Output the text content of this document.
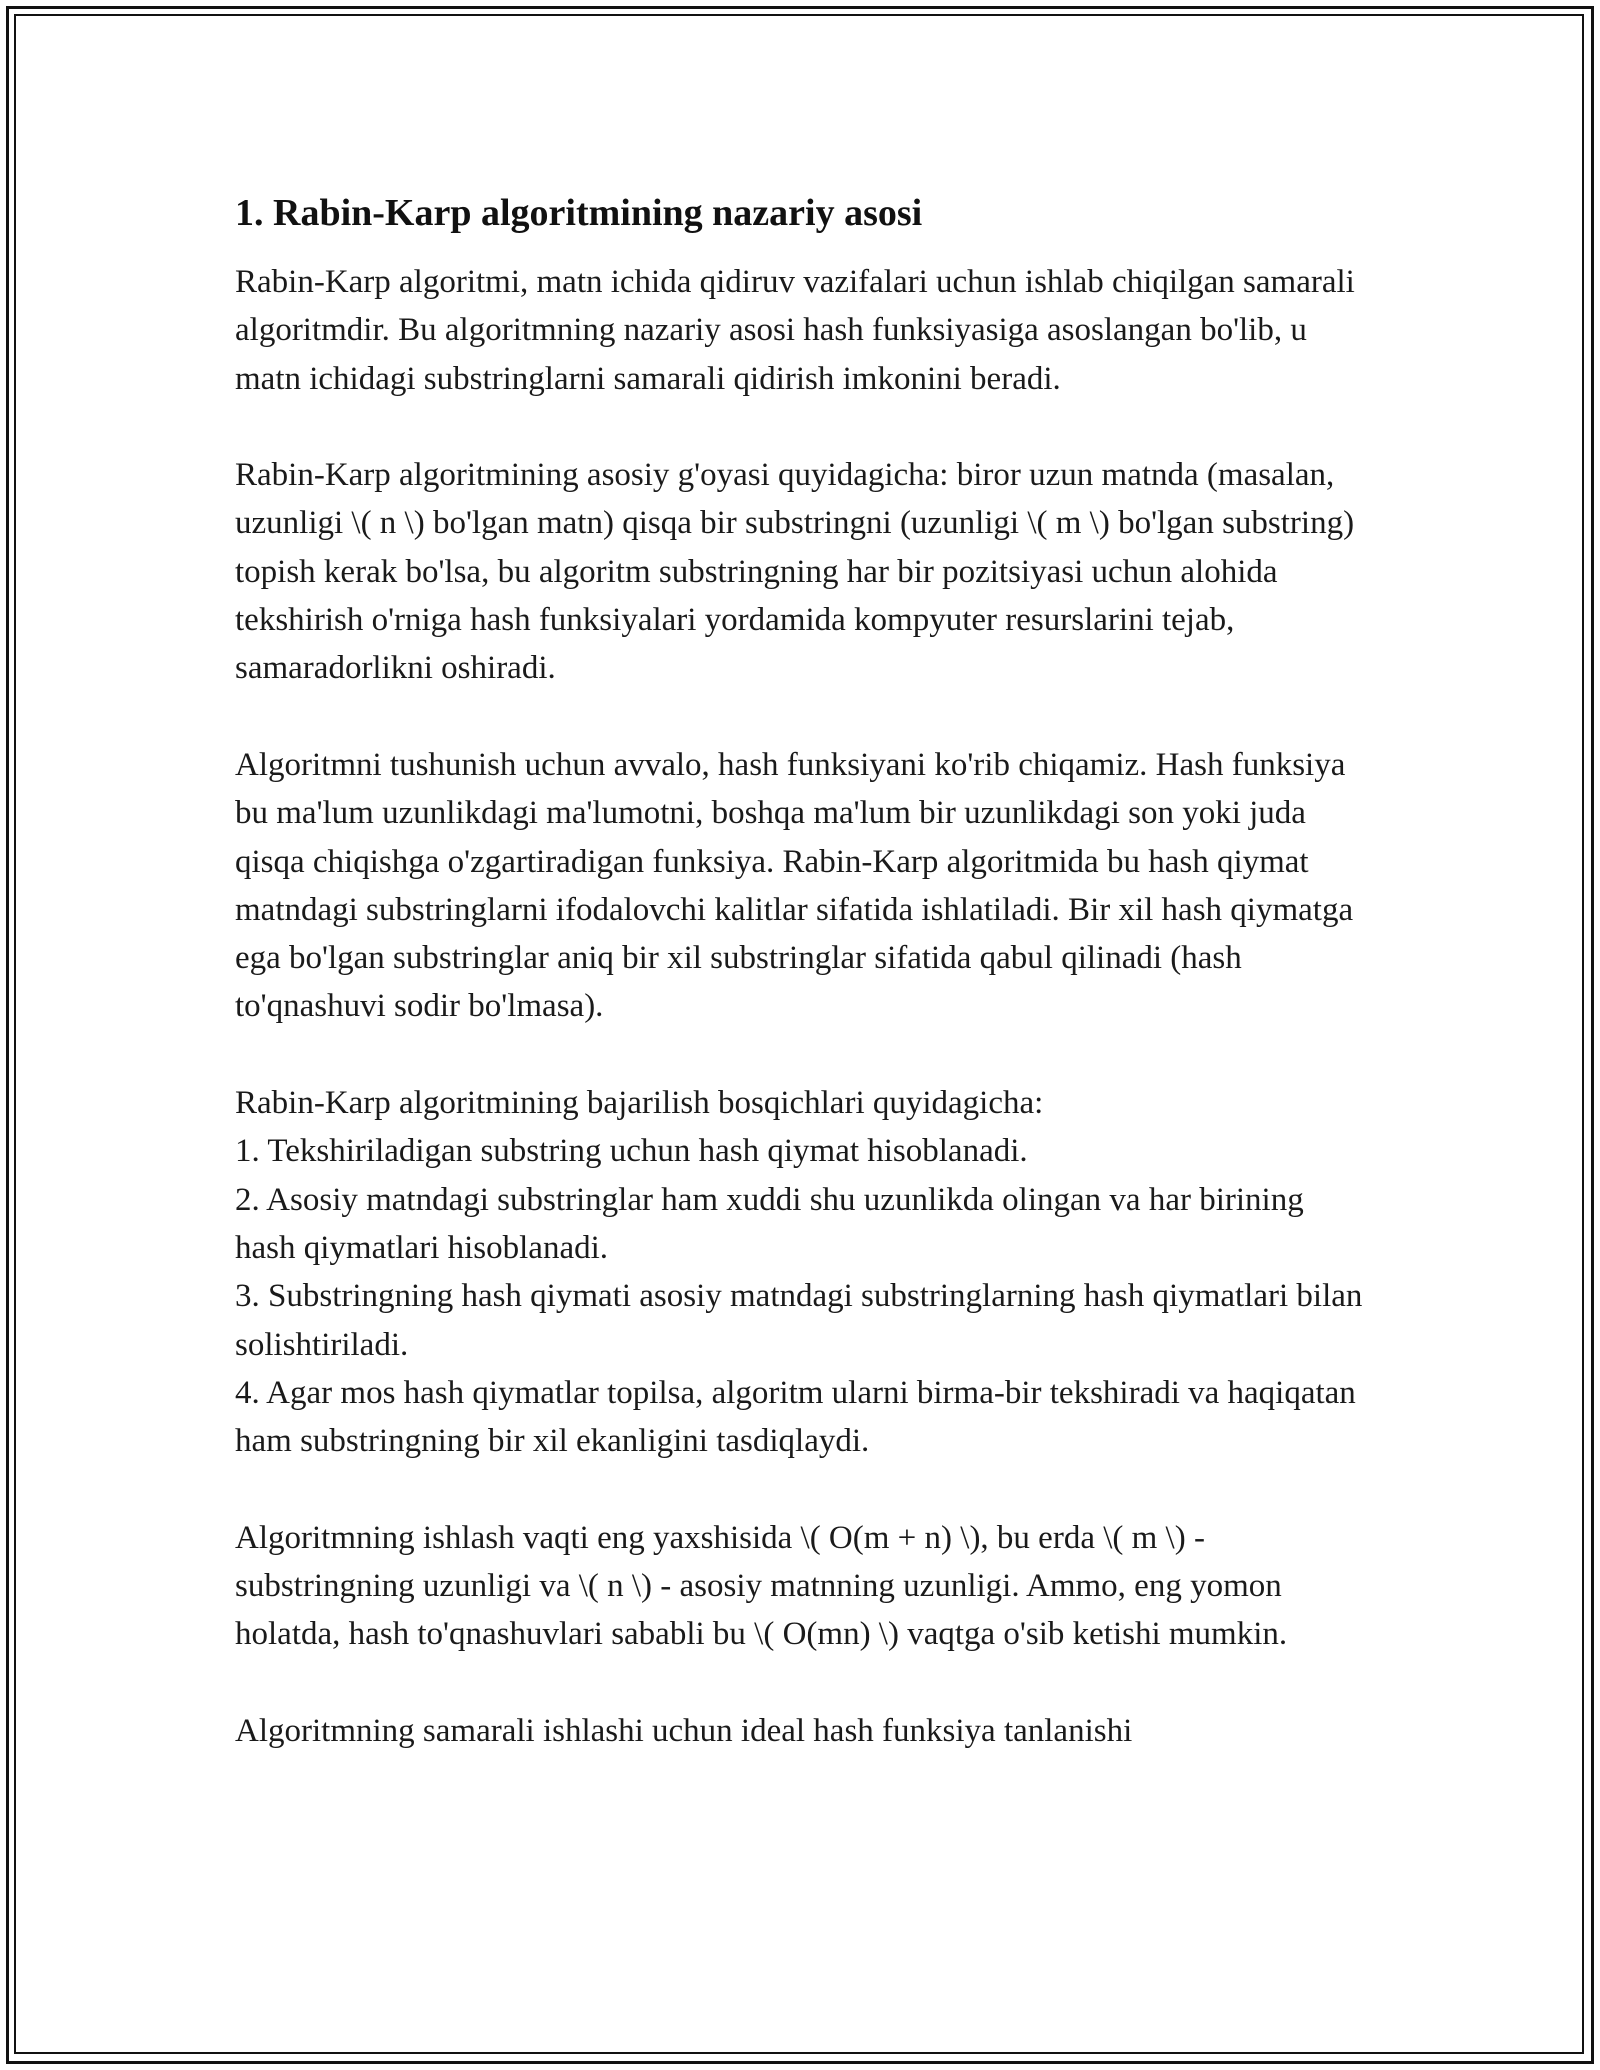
1. Rabin-Karp algoritmining nazariy asosi

Rabin-Karp algoritmi, matn ichida qidiruv vazifalari uchun ishlab chiqilgan samarali algoritmdir. Bu algoritmning nazariy asosi hash funksiyasiga asoslangan bo'lib, u matn ichidagi substringlarni samarali qidirish imkonini beradi.

Rabin-Karp algoritmining asosiy g'oyasi quyidagicha: biror uzun matnda (masalan, uzunligi \( n \) bo'lgan matn) qisqa bir substringni (uzunligi \( m \) bo'lgan substring) topish kerak bo'lsa, bu algoritm substringning har bir pozitsiyasi uchun alohida tekshirish o'rniga hash funksiyalari yordamida kompyuter resurslarini tejab, samaradorlikni oshiradi.

Algoritmni tushunish uchun avvalo, hash funksiyani ko'rib chiqamiz. Hash funksiya bu ma'lum uzunlikdagi ma'lumotni, boshqa ma'lum bir uzunlikdagi son yoki juda qisqa chiqishga o'zgartiradigan funksiya. Rabin-Karp algoritmida bu hash qiymat matndagi substringlarni ifodalovchi kalitlar sifatida ishlatiladi. Bir xil hash qiymatga ega bo'lgan substringlar aniq bir xil substringlar sifatida qabul qilinadi (hash to'qnashuvi sodir bo'lmasa).

Rabin-Karp algoritmining bajarilish bosqichlari quyidagicha:

1. Tekshiriladigan substring uchun hash qiymat hisoblanadi.
2. Asosiy matndagi substringlar ham xuddi shu uzunlikda olingan va har birining hash qiymatlari hisoblanadi.
3. Substringning hash qiymati asosiy matndagi substringlarning hash qiymatlari bilan solishtiriladi.
4. Agar mos hash qiymatlar topilsa, algoritm ularni birma-bir tekshiradi va haqiqatan ham substringning bir xil ekanligini tasdiqlaydi.

Algoritmning ishlash vaqti eng yaxshisida \( O(m + n) \), bu erda \( m \) - substringning uzunligi va \( n \) - asosiy matnning uzunligi. Ammo, eng yomon holatda, hash to'qnashuvlari sababli bu \( O(mn) \) vaqtga o'sib ketishi mumkin.

Algoritmning samarali ishlashi uchun ideal hash funksiya tanlanishi
